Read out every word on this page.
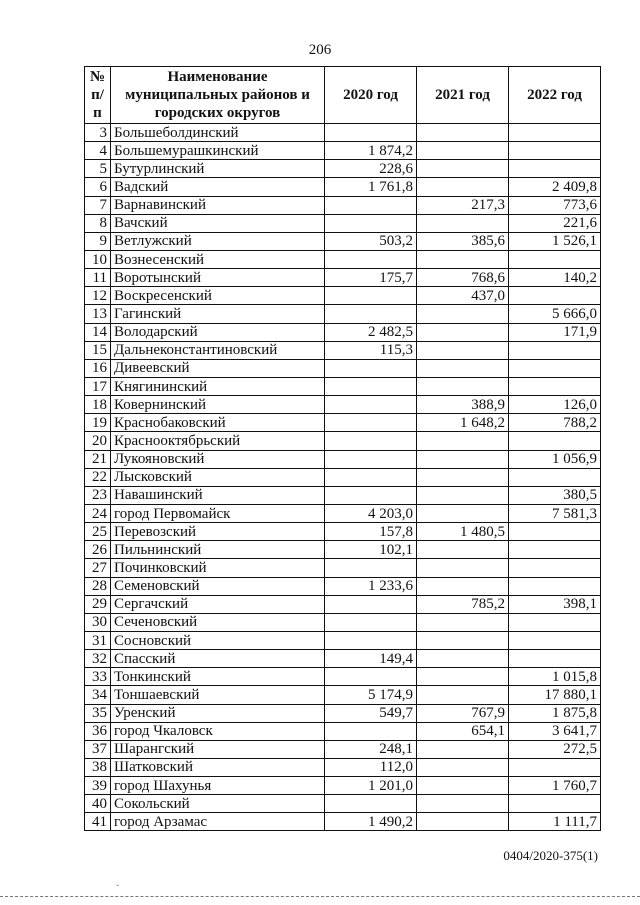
206
№ п/п	Наименование муниципальных районов и городских округов	2020 год	2021 год	2022 год
3	Большеболдинский			
4	Большемурашкинский	1 874,2		
5	Бутурлинский	228,6		
6	Вадский	1 761,8		2 409,8
7	Варнавинский		217,3	773,6
8	Вачский			221,6
9	Ветлужский	503,2	385,6	1 526,1
10	Вознесенский			
11	Воротынский	175,7	768,6	140,2
12	Воскресенский		437,0	
13	Гагинский			5 666,0
14	Володарский	2 482,5		171,9
15	Дальнеконстантиновский	115,3		
16	Дивеевский			
17	Княгининский			
18	Ковернинский		388,9	126,0
19	Краснобаковский		1 648,2	788,2
20	Краснооктябрьский			
21	Лукояновский			1 056,9
22	Лысковский			
23	Навашинский			380,5
24	город Первомайск	4 203,0		7 581,3
25	Перевозский	157,8	1 480,5	
26	Пильнинский	102,1		
27	Починковский			
28	Семеновский	1 233,6		
29	Сергачский		785,2	398,1
30	Сеченовский			
31	Сосновский			
32	Спасский	149,4		
33	Тонкинский			1 015,8
34	Тоншаевский	5 174,9		17 880,1
35	Уренский	549,7	767,9	1 875,8
36	город Чкаловск		654,1	3 641,7
37	Шарангский	248,1		272,5
38	Шатковский	112,0		
39	город Шахунья	1 201,0		1 760,7
40	Сокольский			
41	город Арзамас	1 490,2		1 111,7
0404/2020-375(1)
ˇ
